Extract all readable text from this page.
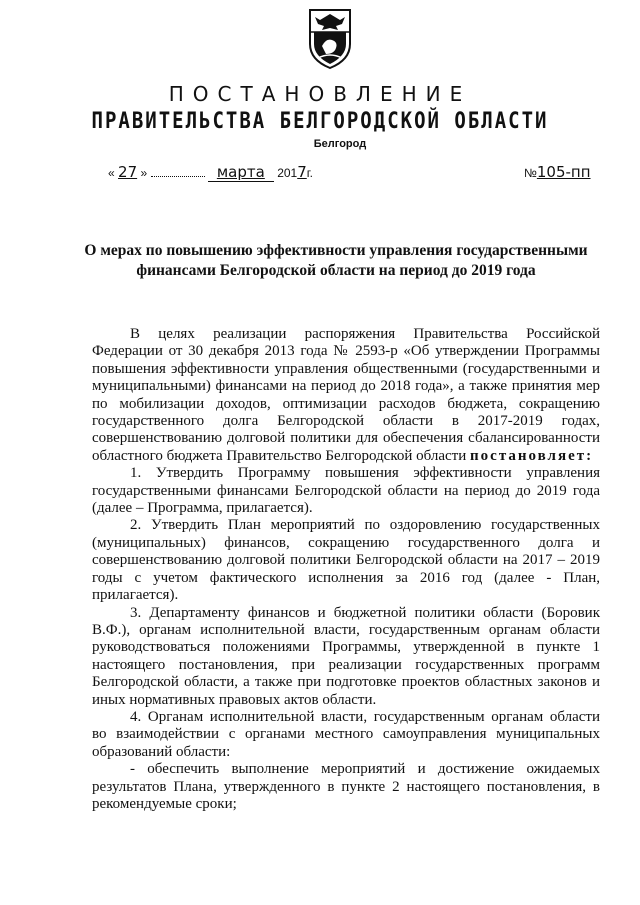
ПОСТАНОВЛЕНИЕ
ПРАВИТЕЛЬСТВА БЕЛГОРОДСКОЙ ОБЛАСТИ
Белгород
« 27 »	марта 2017г.	№105-пп
О мерах по повышению эффективности управления государственными
финансами Белгородской области на период до 2019 года

В целях реализации распоряжения Правительства Российской Федерации от 30 декабря 2013 года № 2593-р «Об утверждении Программы повышения эффективности управления общественными (государственными и муниципальными) финансами на период до 2018 года», а также принятия мер по мобилизации доходов, оптимизации расходов бюджета, сокращению государственного долга Белгородской области в 2017-2019 годах, совершенствованию долговой политики для обеспечения сбалансированности областного бюджета Правительство Белгородской области постановляет:

1. Утвердить Программу повышения эффективности управления государственными финансами Белгородской области на период до 2019 года (далее – Программа, прилагается).

2. Утвердить План мероприятий по оздоровлению государственных (муниципальных) финансов, сокращению государственного долга и совершенствованию долговой политики Белгородской области на 2017 – 2019 годы с учетом фактического исполнения за 2016 год (далее - План, прилагается).

3. Департаменту финансов и бюджетной политики области (Боровик В.Ф.), органам исполнительной власти, государственным органам области руководствоваться положениями Программы, утвержденной в пункте 1 настоящего постановления, при реализации государственных программ Белгородской области, а также при подготовке проектов областных законов и иных нормативных правовых актов области.

4. Органам исполнительной власти, государственным органам области во взаимодействии с органами местного самоуправления муниципальных образований области:

- обеспечить выполнение мероприятий и достижение ожидаемых результатов Плана, утвержденного в пункте 2 настоящего постановления, в рекомендуемые сроки;
